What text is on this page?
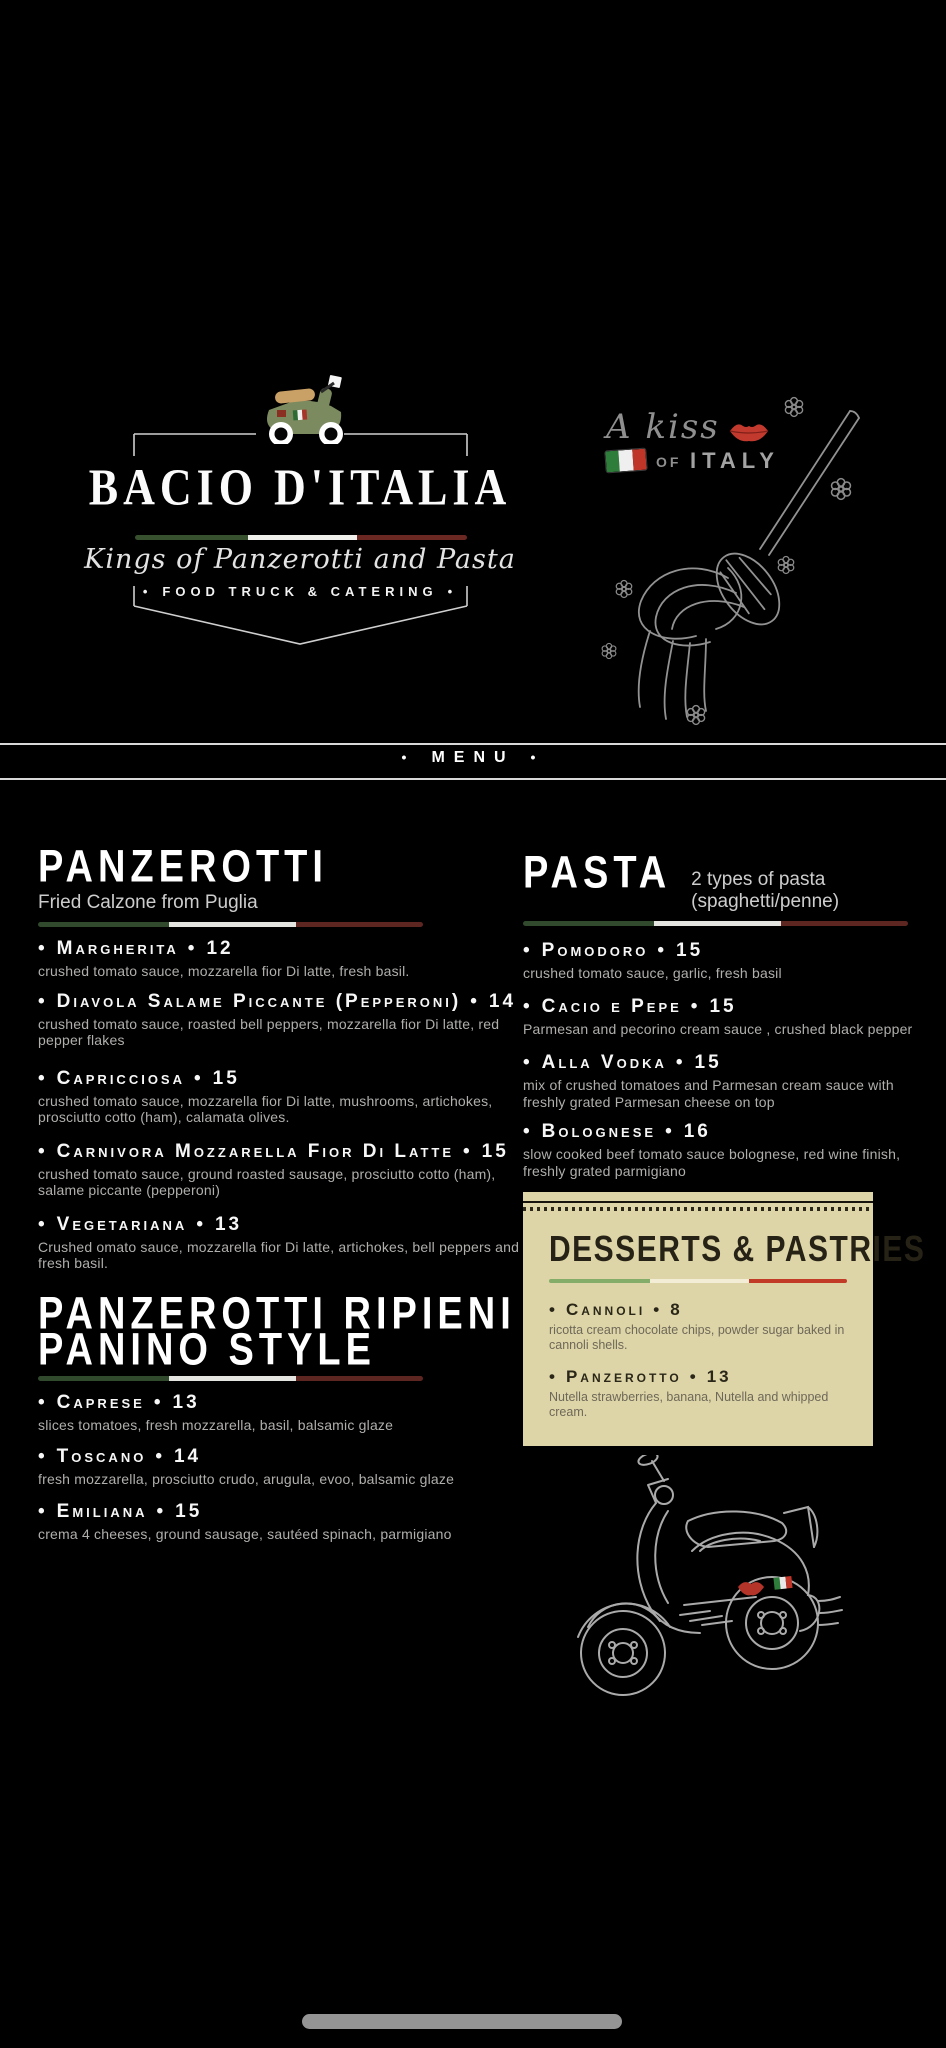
BACIO D'ITALIA
Kings of Panzerotti and Pasta
• FOOD TRUCK & CATERING •
A kiss
OF ITALY
• MENU •
PANZEROTTI
Fried Calzone from Puglia
• Margherita • 12
crushed tomato sauce, mozzarella fior Di latte, fresh basil.
• Diavola Salame Piccante (Pepperoni) • 14
crushed tomato sauce, roasted bell peppers, mozzarella fior Di latte, red pepper flakes
• Capricciosa • 15
crushed tomato sauce, mozzarella fior Di latte, mushrooms, artichokes, prosciutto cotto (ham), calamata olives.
• Carnivora Mozzarella Fior Di Latte • 15
crushed tomato sauce, ground roasted sausage, prosciutto cotto (ham), salame piccante (pepperoni)
• Vegetariana • 13
Crushed omato sauce, mozzarella fior Di latte, artichokes, bell peppers and fresh basil.
PANZEROTTI RIPIENI
PANINO STYLE
• Caprese • 13
slices tomatoes, fresh mozzarella, basil, balsamic glaze
• Toscano • 14
fresh mozzarella, prosciutto crudo, arugula, evoo, balsamic glaze
• Emiliana • 15
crema 4 cheeses, ground sausage, sautéed spinach, parmigiano
PASTA 2 types of pasta (spaghetti/penne)
• Pomodoro • 15
crushed tomato sauce, garlic, fresh basil
• Cacio e Pepe • 15
Parmesan and pecorino cream sauce , crushed black pepper
• Alla Vodka • 15
mix of crushed tomatoes and Parmesan cream sauce with freshly grated Parmesan cheese on top
• Bolognese • 16
slow cooked beef tomato sauce bolognese, red wine finish, freshly grated parmigiano
DESSERTS & PASTRIES
• Cannoli • 8
ricotta cream chocolate chips, powder sugar baked in cannoli shells.
• Panzerotto • 13
Nutella strawberries, banana, Nutella and whipped cream.
